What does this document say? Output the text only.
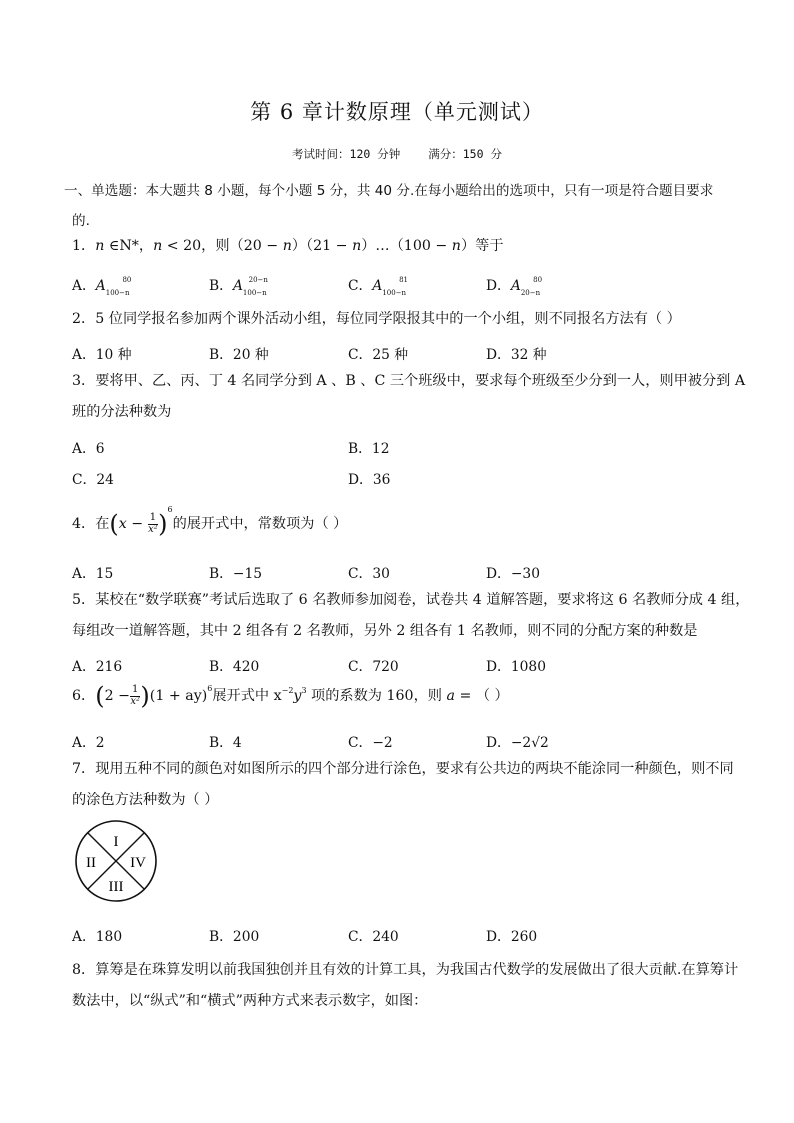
第 6 章计数原理（单元测试）
考试时间：120 分钟 满分：150 分
一、单选题：本大题共 8 小题，每个小题 5 分，共 40 分.在每小题给出的选项中，只有一项是符合题目要求
的.
1．n ∈N*，n < 20，则（20 − n）（21 − n）…（100 − n）等于
A．$A_{100-n}^{80}$	B．$A_{100-n}^{20-n}$	C．$A_{100-n}^{81}$	D．$A_{20-n}^{80}$
2．5 位同学报名参加两个课外活动小组，每位同学限报其中的一个小组，则不同报名方法有（ ）
A．10 种	B．20 种	C．25 种	D．32 种
3．要将甲、乙、丙、丁 4 名同学分到 A 、B 、C 三个班级中，要求每个班级至少分到一人，则甲被分到 A
班的分法种数为
A．6	B．12
C．24	D．36
4．在$(x - \frac{1}{\text{x²}} )^6$的展开式中，常数项为（ ）
A．15	B．−15	C．30	D．−30
5．某校在“数学联赛”考试后选取了 6 名教师参加阅卷，试卷共 4 道解答题，要求将这 6 名教师分成 4 组，
每组改一道解答题，其中 2 组各有 2 名教师，另外 2 组各有 1 名教师，则不同的分配方案的种数是
A．216	B．420	C．720	D．1080
6．$(2 - \frac{1}{\text{x²}} )(1 + ay)^6$展开式中 $x^{-2}y^3$ 项的系数为 160，则 a = （ ）
A．2	B．4	C．−2	D．−2√2
7．现用五种不同的颜色对如图所示的四个部分进行涂色，要求有公共边的两块不能涂同一种颜色，则不同
的涂色方法种数为（ ）
I
II IV
III
A．180	B．200	C．240	D．260
8．算筹是在珠算发明以前我国独创并且有效的计算工具，为我国古代数学的发展做出了很大贡献.在算筹计
数法中，以“纵式”和“横式”两种方式来表示数字，如图：
